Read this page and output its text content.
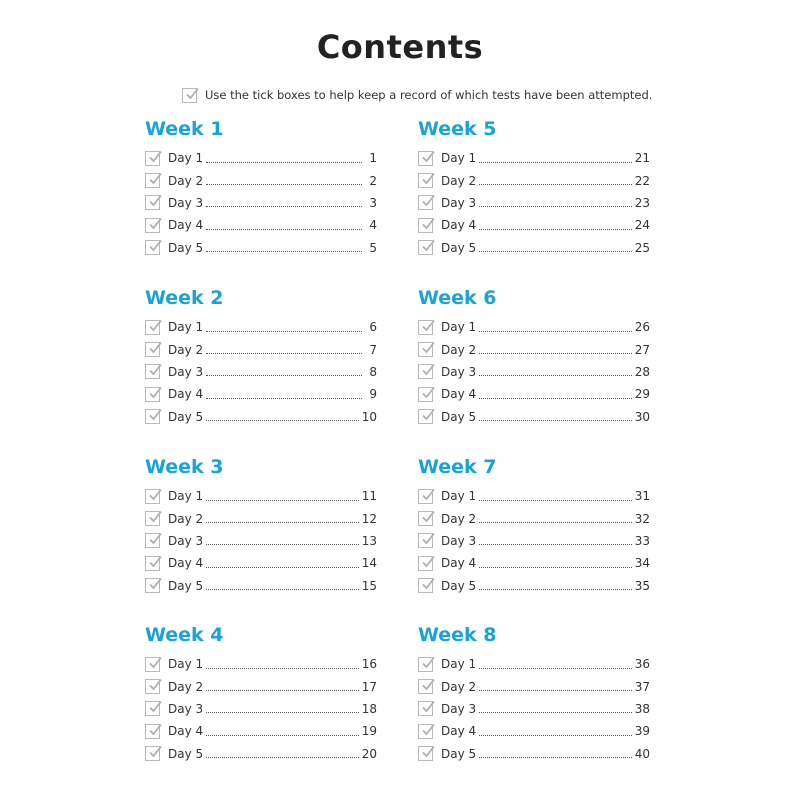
Contents
Use the tick boxes to help keep a record of which tests have been attempted.
Week 1
Day 1	1
Day 2	2
Day 3	3
Day 4	4
Day 5	5
Week 2
Day 1	6
Day 2	7
Day 3	8
Day 4	9
Day 5	10
Week 3
Day 1	11
Day 2	12
Day 3	13
Day 4	14
Day 5	15
Week 4
Day 1	16
Day 2	17
Day 3	18
Day 4	19
Day 5	20
Week 5
Day 1	21
Day 2	22
Day 3	23
Day 4	24
Day 5	25
Week 6
Day 1	26
Day 2	27
Day 3	28
Day 4	29
Day 5	30
Week 7
Day 1	31
Day 2	32
Day 3	33
Day 4	34
Day 5	35
Week 8
Day 1	36
Day 2	37
Day 3	38
Day 4	39
Day 5	40
